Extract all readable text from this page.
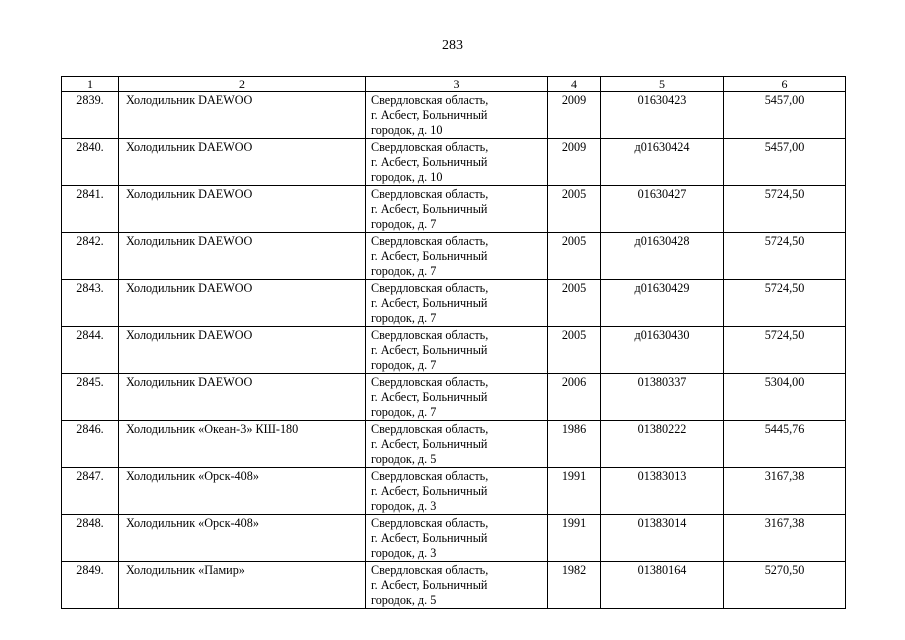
283
1	2	3	4	5	6
2839.	Холодильник DAEWOO	Свердловская область,
г. Асбест, Больничный
городок, д. 10	2009	01630423	5457,00
2840.	Холодильник DAEWOO	Свердловская область,
г. Асбест, Больничный
городок, д. 10	2009	д01630424	5457,00
2841.	Холодильник DAEWOO	Свердловская область,
г. Асбест, Больничный
городок, д. 7	2005	01630427	5724,50
2842.	Холодильник DAEWOO	Свердловская область,
г. Асбест, Больничный
городок, д. 7	2005	д01630428	5724,50
2843.	Холодильник DAEWOO	Свердловская область,
г. Асбест, Больничный
городок, д. 7	2005	д01630429	5724,50
2844.	Холодильник DAEWOO	Свердловская область,
г. Асбест, Больничный
городок, д. 7	2005	д01630430	5724,50
2845.	Холодильник DAEWOO	Свердловская область,
г. Асбест, Больничный
городок, д. 7	2006	01380337	5304,00
2846.	Холодильник «Океан-3» КШ-180	Свердловская область,
г. Асбест, Больничный
городок, д. 5	1986	01380222	5445,76
2847.	Холодильник «Орск-408»	Свердловская область,
г. Асбест, Больничный
городок, д. 3	1991	01383013	3167,38
2848.	Холодильник «Орск-408»	Свердловская область,
г. Асбест, Больничный
городок, д. 3	1991	01383014	3167,38
2849.	Холодильник «Памир»	Свердловская область,
г. Асбест, Больничный
городок, д. 5	1982	01380164	5270,50
